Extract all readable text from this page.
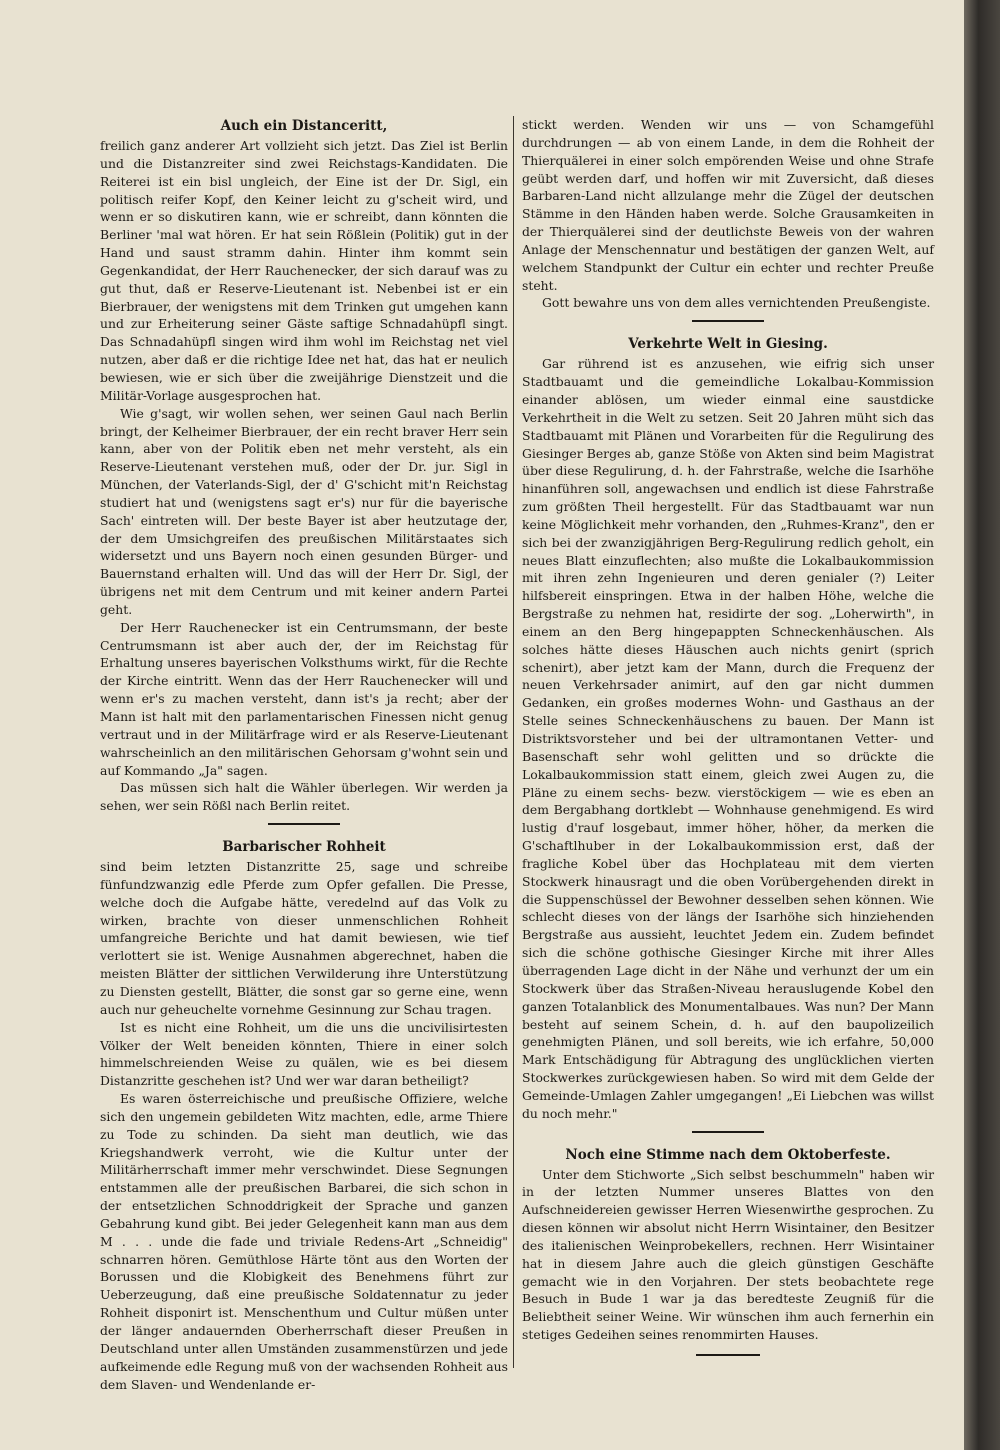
Auch ein Distanceritt,

freilich ganz anderer Art vollzieht sich jetzt. Das Ziel ist Berlin und die Distanzreiter sind zwei Reichstags-Kandidaten. Die Reiterei ist ein bisl ungleich, der Eine ist der Dr. Sigl, ein politisch reifer Kopf, den Keiner leicht zu g'scheit wird, und wenn er so diskutiren kann, wie er schreibt, dann könnten die Berliner 'mal wat hören. Er hat sein Rößlein (Politik) gut in der Hand und saust stramm dahin. Hinter ihm kommt sein Gegenkandidat, der Herr Rauchenecker, der sich darauf was zu gut thut, daß er Reserve-Lieutenant ist. Nebenbei ist er ein Bierbrauer, der wenigstens mit dem Trinken gut umgehen kann und zur Erheiterung seiner Gäste saftige Schnadahüpfl singt. Das Schnadahüpfl singen wird ihm wohl im Reichstag net viel nutzen, aber daß er die richtige Idee net hat, das hat er neulich bewiesen, wie er sich über die zweijährige Dienstzeit und die Militär-Vorlage ausgesprochen hat.

Wie g'sagt, wir wollen sehen, wer seinen Gaul nach Berlin bringt, der Kelheimer Bierbrauer, der ein recht braver Herr sein kann, aber von der Politik eben net mehr versteht, als ein Reserve-Lieutenant verstehen muß, oder der Dr. jur. Sigl in München, der Vaterlands-Sigl, der d' G'schicht mit'n Reichstag studiert hat und (wenigstens sagt er's) nur für die bayerische Sach' eintreten will. Der beste Bayer ist aber heutzutage der, der dem Umsichgreifen des preußischen Militärstaates sich widersetzt und uns Bayern noch einen gesunden Bürger- und Bauernstand erhalten will. Und das will der Herr Dr. Sigl, der übrigens net mit dem Centrum und mit keiner andern Partei geht.

Der Herr Rauchenecker ist ein Centrumsmann, der beste Centrumsmann ist aber auch der, der im Reichstag für Erhaltung unseres bayerischen Volksthums wirkt, für die Rechte der Kirche eintritt. Wenn das der Herr Rauchenecker will und wenn er's zu machen versteht, dann ist's ja recht; aber der Mann ist halt mit den parlamentarischen Finessen nicht genug vertraut und in der Militärfrage wird er als Reserve-Lieutenant wahrscheinlich an den militärischen Gehorsam g'wohnt sein und auf Kommando „Ja" sagen.

Das müssen sich halt die Wähler überlegen. Wir werden ja sehen, wer sein Rößl nach Berlin reitet.

Barbarischer Rohheit

sind beim letzten Distanzritte 25, sage und schreibe fünfundzwanzig edle Pferde zum Opfer gefallen. Die Presse, welche doch die Aufgabe hätte, veredelnd auf das Volk zu wirken, brachte von dieser unmenschlichen Rohheit umfangreiche Berichte und hat damit bewiesen, wie tief verlottert sie ist. Wenige Ausnahmen abgerechnet, haben die meisten Blätter der sittlichen Verwilderung ihre Unterstützung zu Diensten gestellt, Blätter, die sonst gar so gerne eine, wenn auch nur geheuchelte vornehme Gesinnung zur Schau tragen.

Ist es nicht eine Rohheit, um die uns die uncivilisirtesten Völker der Welt beneiden könnten, Thiere in einer solch himmelschreienden Weise zu quälen, wie es bei diesem Distanzritte geschehen ist? Und wer war daran betheiligt?

Es waren österreichische und preußische Offiziere, welche sich den ungemein gebildeten Witz machten, edle, arme Thiere zu Tode zu schinden. Da sieht man deutlich, wie das Kriegshandwerk verroht, wie die Kultur unter der Militärherrschaft immer mehr verschwindet. Diese Segnungen entstammen alle der preußischen Barbarei, die sich schon in der entsetzlichen Schnoddrigkeit der Sprache und ganzen Gebahrung kund gibt. Bei jeder Gelegenheit kann man aus dem M . . . unde die fade und triviale Redens-Art „Schneidig" schnarren hören. Gemüthlose Härte tönt aus den Worten der Borussen und die Klobigkeit des Benehmens führt zur Ueberzeugung, daß eine preußische Soldatennatur zu jeder Rohheit disponirt ist. Menschenthum und Cultur müßen unter der länger andauernden Oberherrschaft dieser Preußen in Deutschland unter allen Umständen zusammenstürzen und jede aufkeimende edle Regung muß von der wachsenden Rohheit aus dem Slaven- und Wendenlande er-

stickt werden. Wenden wir uns — von Schamgefühl durchdrungen — ab von einem Lande, in dem die Rohheit der Thierquälerei in einer solch empörenden Weise und ohne Strafe geübt werden darf, und hoffen wir mit Zuversicht, daß dieses Barbaren-Land nicht allzulange mehr die Zügel der deutschen Stämme in den Händen haben werde. Solche Grausamkeiten in der Thierquälerei sind der deutlichste Beweis von der wahren Anlage der Menschennatur und bestätigen der ganzen Welt, auf welchem Standpunkt der Cultur ein echter und rechter Preuße steht.

Gott bewahre uns von dem alles vernichtenden Preußengiste.

Verkehrte Welt in Giesing.

Gar rührend ist es anzusehen, wie eifrig sich unser Stadtbauamt und die gemeindliche Lokalbau-Kommission einander ablösen, um wieder einmal eine saustdicke Verkehrtheit in die Welt zu setzen. Seit 20 Jahren müht sich das Stadtbauamt mit Plänen und Vorarbeiten für die Regulirung des Giesinger Berges ab, ganze Stöße von Akten sind beim Magistrat über diese Regulirung, d. h. der Fahrstraße, welche die Isarhöhe hinanführen soll, angewachsen und endlich ist diese Fahrstraße zum größten Theil hergestellt. Für das Stadtbauamt war nun keine Möglichkeit mehr vorhanden, den „Ruhmes-Kranz", den er sich bei der zwanzigjährigen Berg-Regulirung redlich geholt, ein neues Blatt einzuflechten; also mußte die Lokalbaukommission mit ihren zehn Ingenieuren und deren genialer (?) Leiter hilfsbereit einspringen. Etwa in der halben Höhe, welche die Bergstraße zu nehmen hat, residirte der sog. „Loherwirth", in einem an den Berg hingepappten Schneckenhäuschen. Als solches hätte dieses Häuschen auch nichts genirt (sprich schenirt), aber jetzt kam der Mann, durch die Frequenz der neuen Verkehrsader animirt, auf den gar nicht dummen Gedanken, ein großes modernes Wohn- und Gasthaus an der Stelle seines Schneckenhäuschens zu bauen. Der Mann ist Distriktsvorsteher und bei der ultramontanen Vetter- und Basenschaft sehr wohl gelitten und so drückte die Lokalbaukommission statt einem, gleich zwei Augen zu, die Pläne zu einem sechs- bezw. vierstöckigem — wie es eben an dem Bergabhang dortklebt — Wohnhause genehmigend. Es wird lustig d'rauf losgebaut, immer höher, höher, da merken die G'schaftlhuber in der Lokalbaukommission erst, daß der fragliche Kobel über das Hochplateau mit dem vierten Stockwerk hinausragt und die oben Vorübergehenden direkt in die Suppenschüssel der Bewohner desselben sehen können. Wie schlecht dieses von der längs der Isarhöhe sich hinziehenden Bergstraße aus aussieht, leuchtet Jedem ein. Zudem befindet sich die schöne gothische Giesinger Kirche mit ihrer Alles überragenden Lage dicht in der Nähe und verhunzt der um ein Stockwerk über das Straßen-Niveau herauslugende Kobel den ganzen Totalanblick des Monumentalbaues. Was nun? Der Mann besteht auf seinem Schein, d. h. auf den baupolizeilich genehmigten Plänen, und soll bereits, wie ich erfahre, 50,000 Mark Entschädigung für Abtragung des unglücklichen vierten Stockwerkes zurückgewiesen haben. So wird mit dem Gelde der Gemeinde-Umlagen Zahler umgegangen! „Ei Liebchen was willst du noch mehr."

Noch eine Stimme nach dem Oktoberfeste.

Unter dem Stichworte „Sich selbst beschummeln" haben wir in der letzten Nummer unseres Blattes von den Aufschneidereien gewisser Herren Wiesenwirthe gesprochen. Zu diesen können wir absolut nicht Herrn Wisintainer, den Besitzer des italienischen Weinprobekellers, rechnen. Herr Wisintainer hat in diesem Jahre auch die gleich günstigen Geschäfte gemacht wie in den Vorjahren. Der stets beobachtete rege Besuch in Bude 1 war ja das beredteste Zeugniß für die Beliebtheit seiner Weine. Wir wünschen ihm auch fernerhin ein stetiges Gedeihen seines renommirten Hauses.
